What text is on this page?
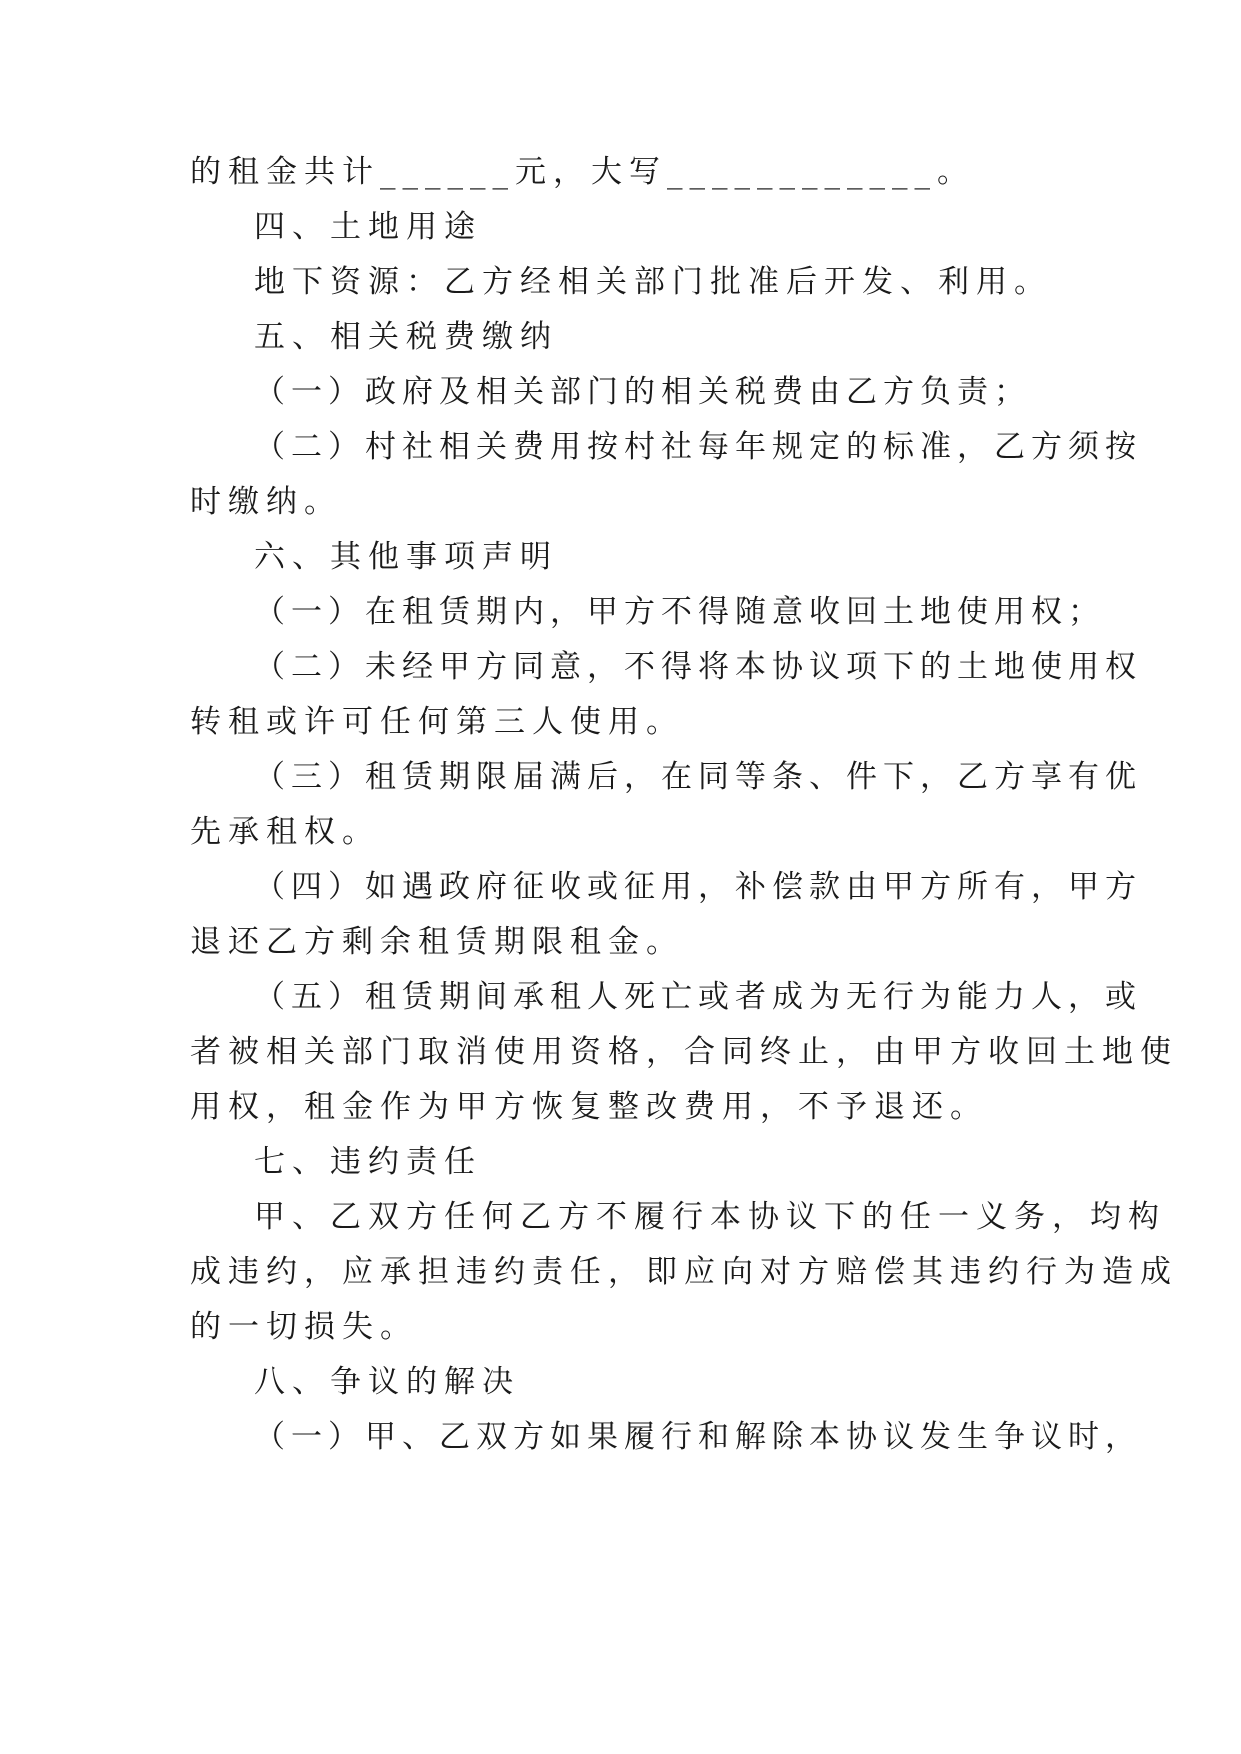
的租金共计______元，大写____________。
四、土地用途
地下资源：乙方经相关部门批准后开发、利用。
五、相关税费缴纳
（一）政府及相关部门的相关税费由乙方负责；
（二）村社相关费用按村社每年规定的标准，乙方须按
时缴纳。
六、其他事项声明
（一）在租赁期内，甲方不得随意收回土地使用权；
（二）未经甲方同意，不得将本协议项下的土地使用权
转租或许可任何第三人使用。
（三）租赁期限届满后，在同等条、件下，乙方享有优
先承租权。
（四）如遇政府征收或征用，补偿款由甲方所有，甲方
退还乙方剩余租赁期限租金。
（五）租赁期间承租人死亡或者成为无行为能力人，或
者被相关部门取消使用资格，合同终止，由甲方收回土地使
用权，租金作为甲方恢复整改费用，不予退还。
七、违约责任
甲、乙双方任何乙方不履行本协议下的任一义务，均构
成违约，应承担违约责任，即应向对方赔偿其违约行为造成
的一切损失。
八、争议的解决
（一）甲、乙双方如果履行和解除本协议发生争议时，
